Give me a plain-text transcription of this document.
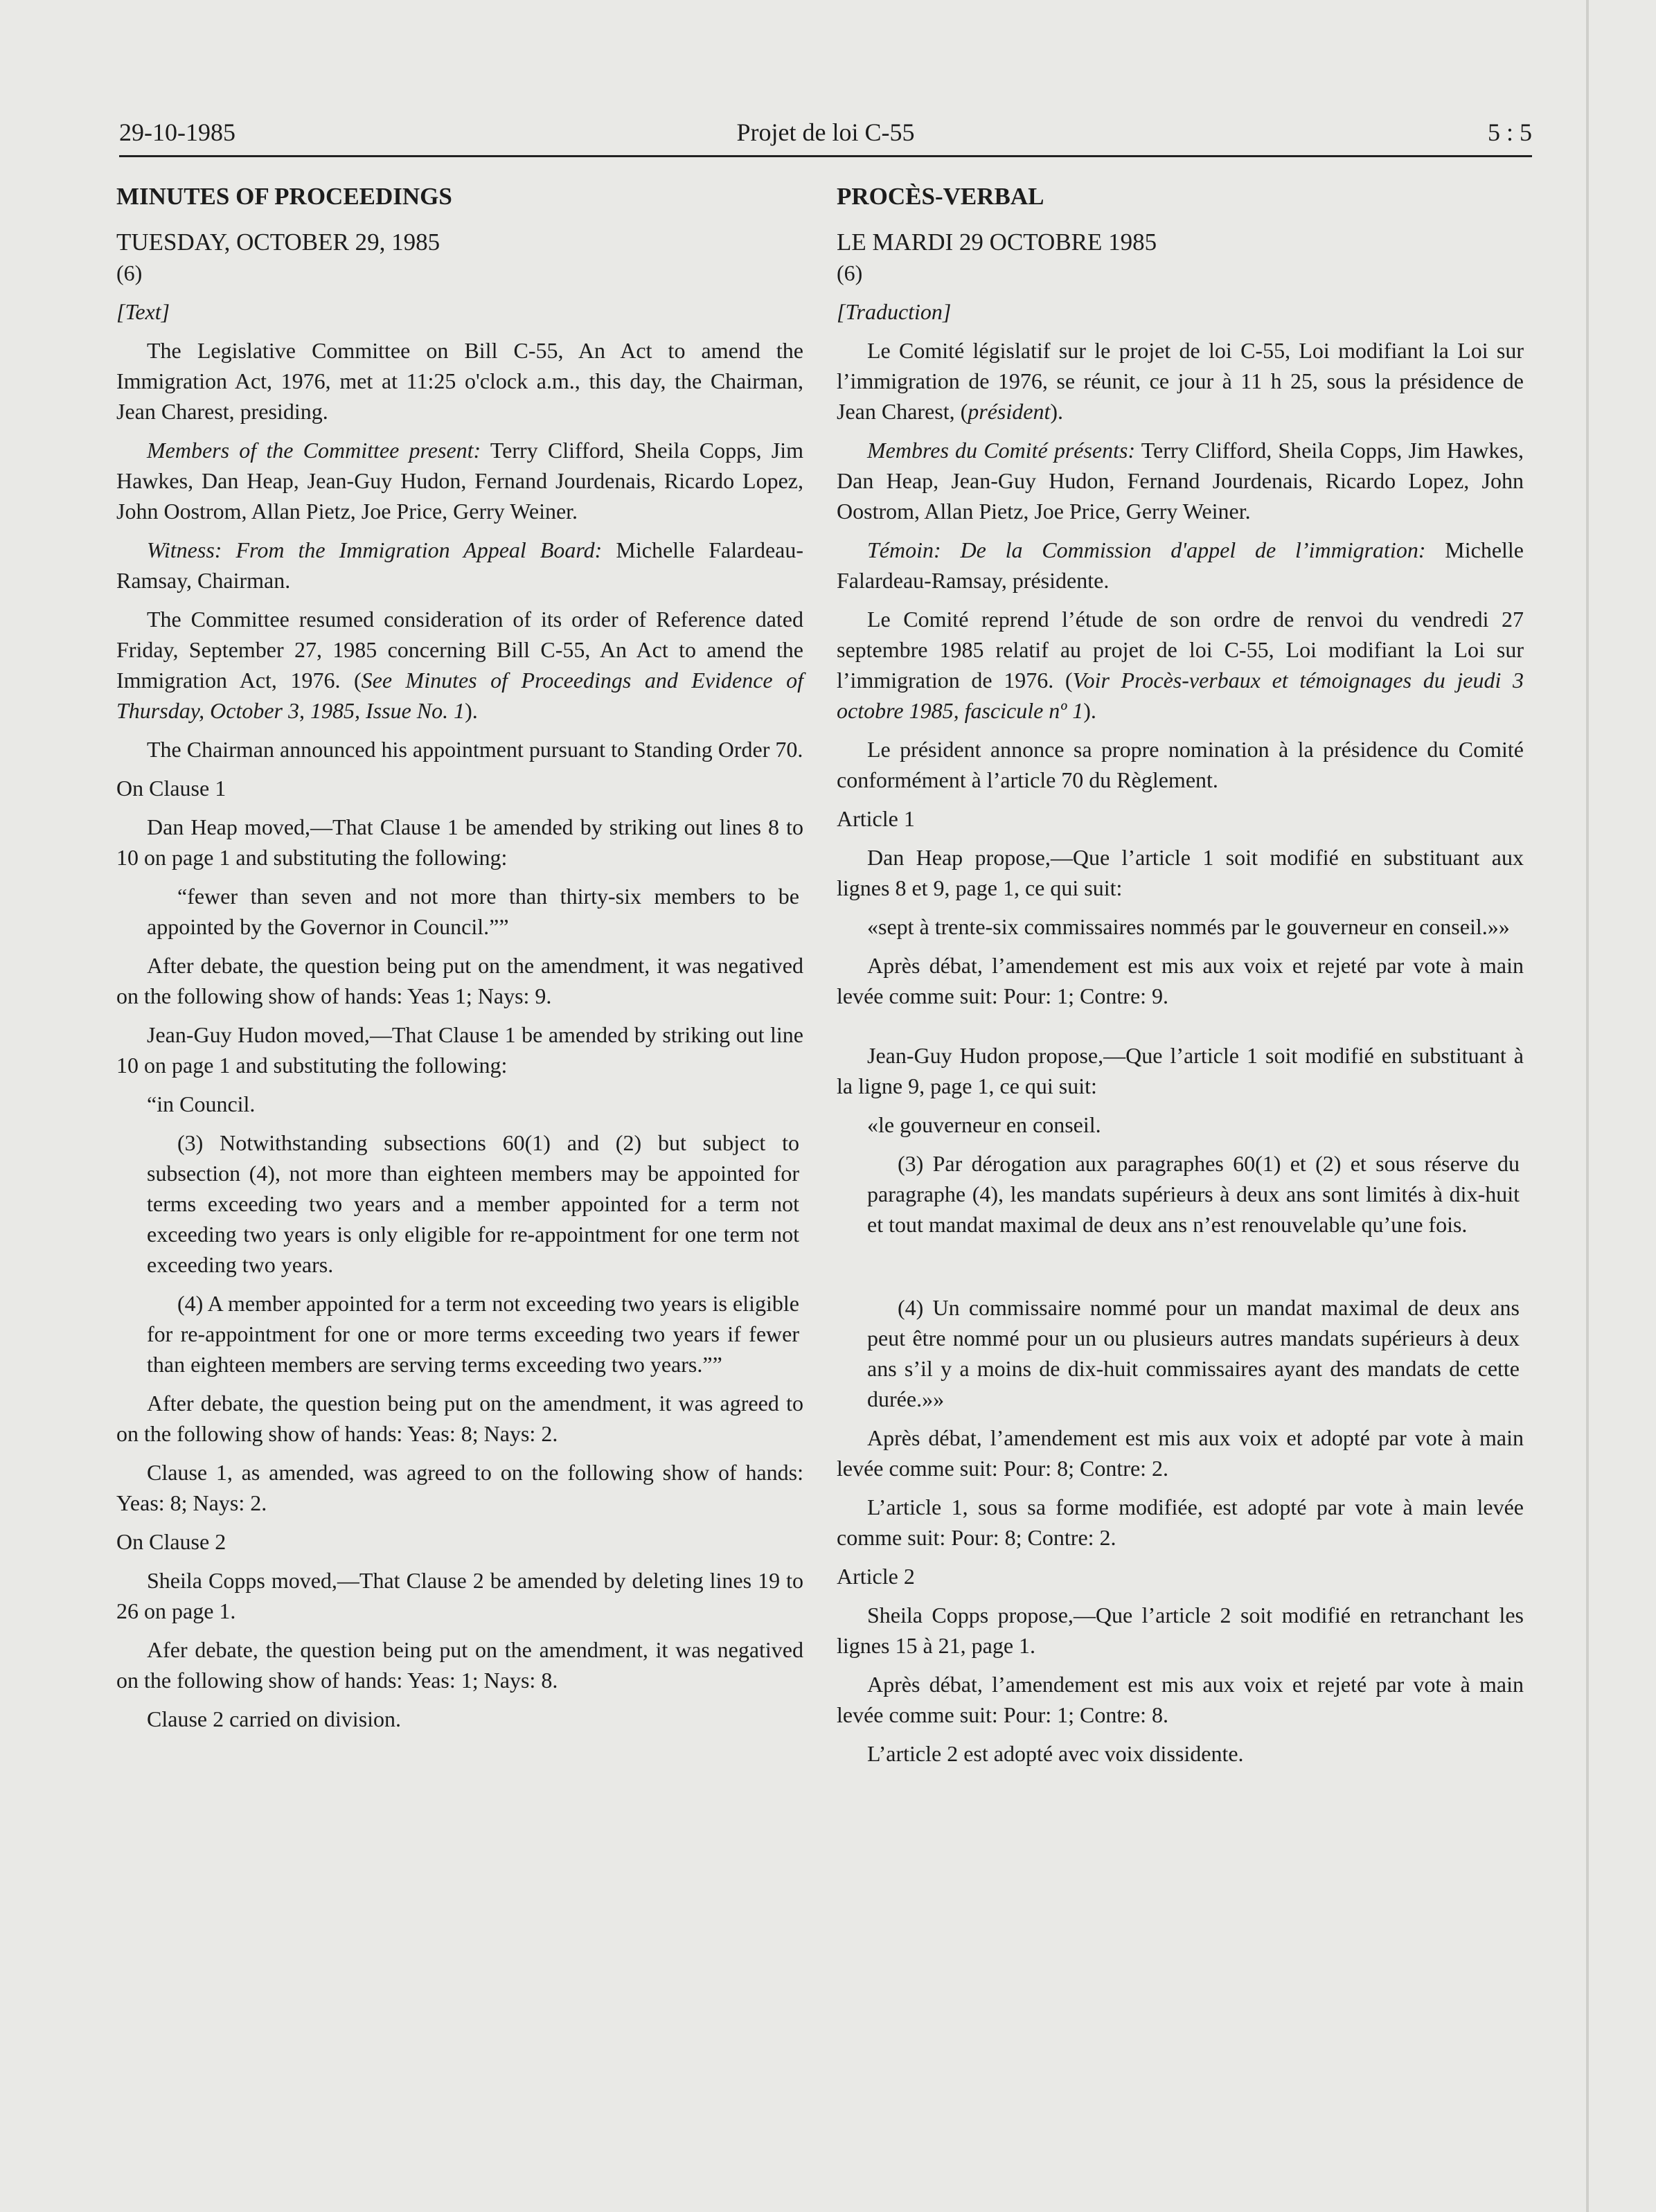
29-10-1985	Projet de loi C-55	5 : 5

MINUTES OF PROCEEDINGS

TUESDAY, OCTOBER 29, 1985

(6)

[Text]

The Legislative Committee on Bill C-55, An Act to amend the Immigration Act, 1976, met at 11:25 o'clock a.m., this day, the Chairman, Jean Charest, presiding.

Members of the Committee present: Terry Clifford, Sheila Copps, Jim Hawkes, Dan Heap, Jean-Guy Hudon, Fernand Jourdenais, Ricardo Lopez, John Oostrom, Allan Pietz, Joe Price, Gerry Weiner.

Witness: From the Immigration Appeal Board: Michelle Falardeau-Ramsay, Chairman.

The Committee resumed consideration of its order of Reference dated Friday, September 27, 1985 concerning Bill C-55, An Act to amend the Immigration Act, 1976. (See Minutes of Proceedings and Evidence of Thursday, October 3, 1985, Issue No. 1).

The Chairman announced his appointment pursuant to Standing Order 70.

On Clause 1

Dan Heap moved,—That Clause 1 be amended by striking out lines 8 to 10 on page 1 and substituting the following:

“fewer than seven and not more than thirty-six members to be appointed by the Governor in Council.””

After debate, the question being put on the amendment, it was negatived on the following show of hands: Yeas 1; Nays: 9.

Jean-Guy Hudon moved,—That Clause 1 be amended by striking out line 10 on page 1 and substituting the following:

“in Council.

(3) Notwithstanding subsections 60(1) and (2) but subject to subsection (4), not more than eighteen members may be appointed for terms exceeding two years and a member appointed for a term not exceeding two years is only eligible for re-appointment for one term not exceeding two years.

(4) A member appointed for a term not exceeding two years is eligible for re-appointment for one or more terms exceeding two years if fewer than eighteen members are serving terms exceeding two years.””

After debate, the question being put on the amendment, it was agreed to on the following show of hands: Yeas: 8; Nays: 2.

Clause 1, as amended, was agreed to on the following show of hands: Yeas: 8; Nays: 2.

On Clause 2

Sheila Copps moved,—That Clause 2 be amended by deleting lines 19 to 26 on page 1.

Afer debate, the question being put on the amendment, it was negatived on the following show of hands: Yeas: 1; Nays: 8.

Clause 2 carried on division.

PROCÈS-VERBAL

LE MARDI 29 OCTOBRE 1985

(6)

[Traduction]

Le Comité législatif sur le projet de loi C-55, Loi modifiant la Loi sur l’immigration de 1976, se réunit, ce jour à 11 h 25, sous la présidence de Jean Charest, (président).

Membres du Comité présents: Terry Clifford, Sheila Copps, Jim Hawkes, Dan Heap, Jean-Guy Hudon, Fernand Jourdenais, Ricardo Lopez, John Oostrom, Allan Pietz, Joe Price, Gerry Weiner.

Témoin: De la Commission d'appel de l’immigration: Michelle Falardeau-Ramsay, présidente.

Le Comité reprend l’étude de son ordre de renvoi du vendredi 27 septembre 1985 relatif au projet de loi C-55, Loi modifiant la Loi sur l’immigration de 1976. (Voir Procès-verbaux et témoignages du jeudi 3 octobre 1985, fascicule nº 1).

Le président annonce sa propre nomination à la présidence du Comité conformément à l’article 70 du Règlement.

Article 1

Dan Heap propose,—Que l’article 1 soit modifié en substituant aux lignes 8 et 9, page 1, ce qui suit:

«sept à trente-six commissaires nommés par le gouverneur en conseil.»»

Après débat, l’amendement est mis aux voix et rejeté par vote à main levée comme suit: Pour: 1; Contre: 9.

Jean-Guy Hudon propose,—Que l’article 1 soit modifié en substituant à la ligne 9, page 1, ce qui suit:

«le gouverneur en conseil.

(3) Par dérogation aux paragraphes 60(1) et (2) et sous réserve du paragraphe (4), les mandats supérieurs à deux ans sont limités à dix-huit et tout mandat maximal de deux ans n’est renouvelable qu’une fois.

(4) Un commissaire nommé pour un mandat maximal de deux ans peut être nommé pour un ou plusieurs autres mandats supérieurs à deux ans s’il y a moins de dix-huit commissaires ayant des mandats de cette durée.»»

Après débat, l’amendement est mis aux voix et adopté par vote à main levée comme suit: Pour: 8; Contre: 2.

L’article 1, sous sa forme modifiée, est adopté par vote à main levée comme suit: Pour: 8; Contre: 2.

Article 2

Sheila Copps propose,—Que l’article 2 soit modifié en retranchant les lignes 15 à 21, page 1.

Après débat, l’amendement est mis aux voix et rejeté par vote à main levée comme suit: Pour: 1; Contre: 8.

L’article 2 est adopté avec voix dissidente.
